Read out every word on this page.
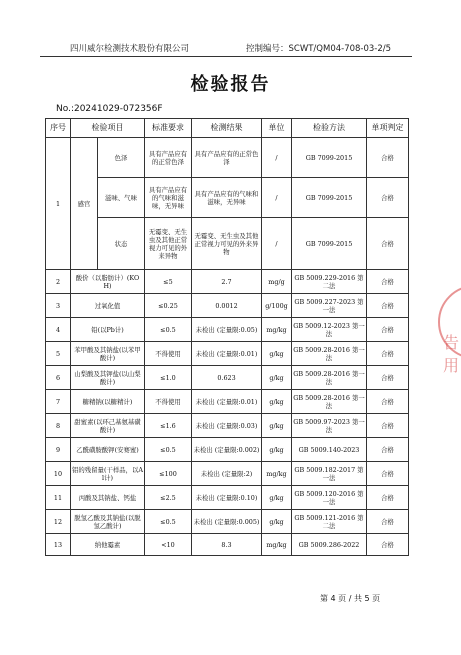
四川威尔检测技术股份有限公司	控制编号：SCWT/QM04-708-03-2/5
检验报告
No.:20241029-072356F
序号	检验项目		标准要求	检测结果	单位	检验方法	单项判定
1	感官	色泽	具有产品应有的正常色泽	具有产品应有的正常色泽	/	GB 7099-2015	合格
		滋味、气味	具有产品应有的气味和滋味，无异味	具有产品应有的气味和滋味，无异味	/	GB 7099-2015	合格
		状态	无霉变、无生虫及其他正常视力可见的外来异物	无霉变、无生虫及其他正常视力可见的外来异物	/	GB 7099-2015	合格
2	酸价（以脂肪计）(KOH)		≤5	2.7	mg/g	GB 5009.229-2016 第二法	合格
3	过氧化值		≤0.25	0.0012	g/100g	GB 5009.227-2023 第一法	合格
4	铅(以Pb计)		≤0.5	未检出 (定量限:0.05)	mg/kg	GB 5009.12-2023 第一法	合格
5	苯甲酸及其钠盐(以苯甲酸计)		不得使用	未检出 (定量限:0.01)	g/kg	GB 5009.28-2016 第一法	合格
6	山梨酸及其钾盐(以山梨酸计)		≤1.0	0.623	g/kg	GB 5009.28-2016 第一法	合格
7	糖精钠(以糖精计)		不得使用	未检出 (定量限:0.01)	g/kg	GB 5009.28-2016 第一法	合格
8	甜蜜素(以环己基氨基磺酸计)		≤1.6	未检出 (定量限:0.03)	g/kg	GB 5009.97-2023 第一法	合格
9	乙酰磺胺酸钾(安赛蜜)		≤0.5	未检出 (定量限:0.002)	g/kg	GB 5009.140-2023	合格
10	铝的残留量(干样品，以Al计)		≤100	未检出 (定量限:2)	mg/kg	GB 5009.182-2017 第一法	合格
11	丙酸及其钠盐、钙盐		≤2.5	未检出 (定量限:0.10)	g/kg	GB 5009.120-2016 第一法	合格
12	脱氢乙酸及其钠盐(以脱氢乙酸计)		≤0.5	未检出 (定量限:0.005)	g/kg	GB 5009.121-2016 第二法	合格
13	纳他霉素		<10	8.3	mg/kg	GB 5009.286-2022	合格
第 4 页 / 共 5 页
告用
